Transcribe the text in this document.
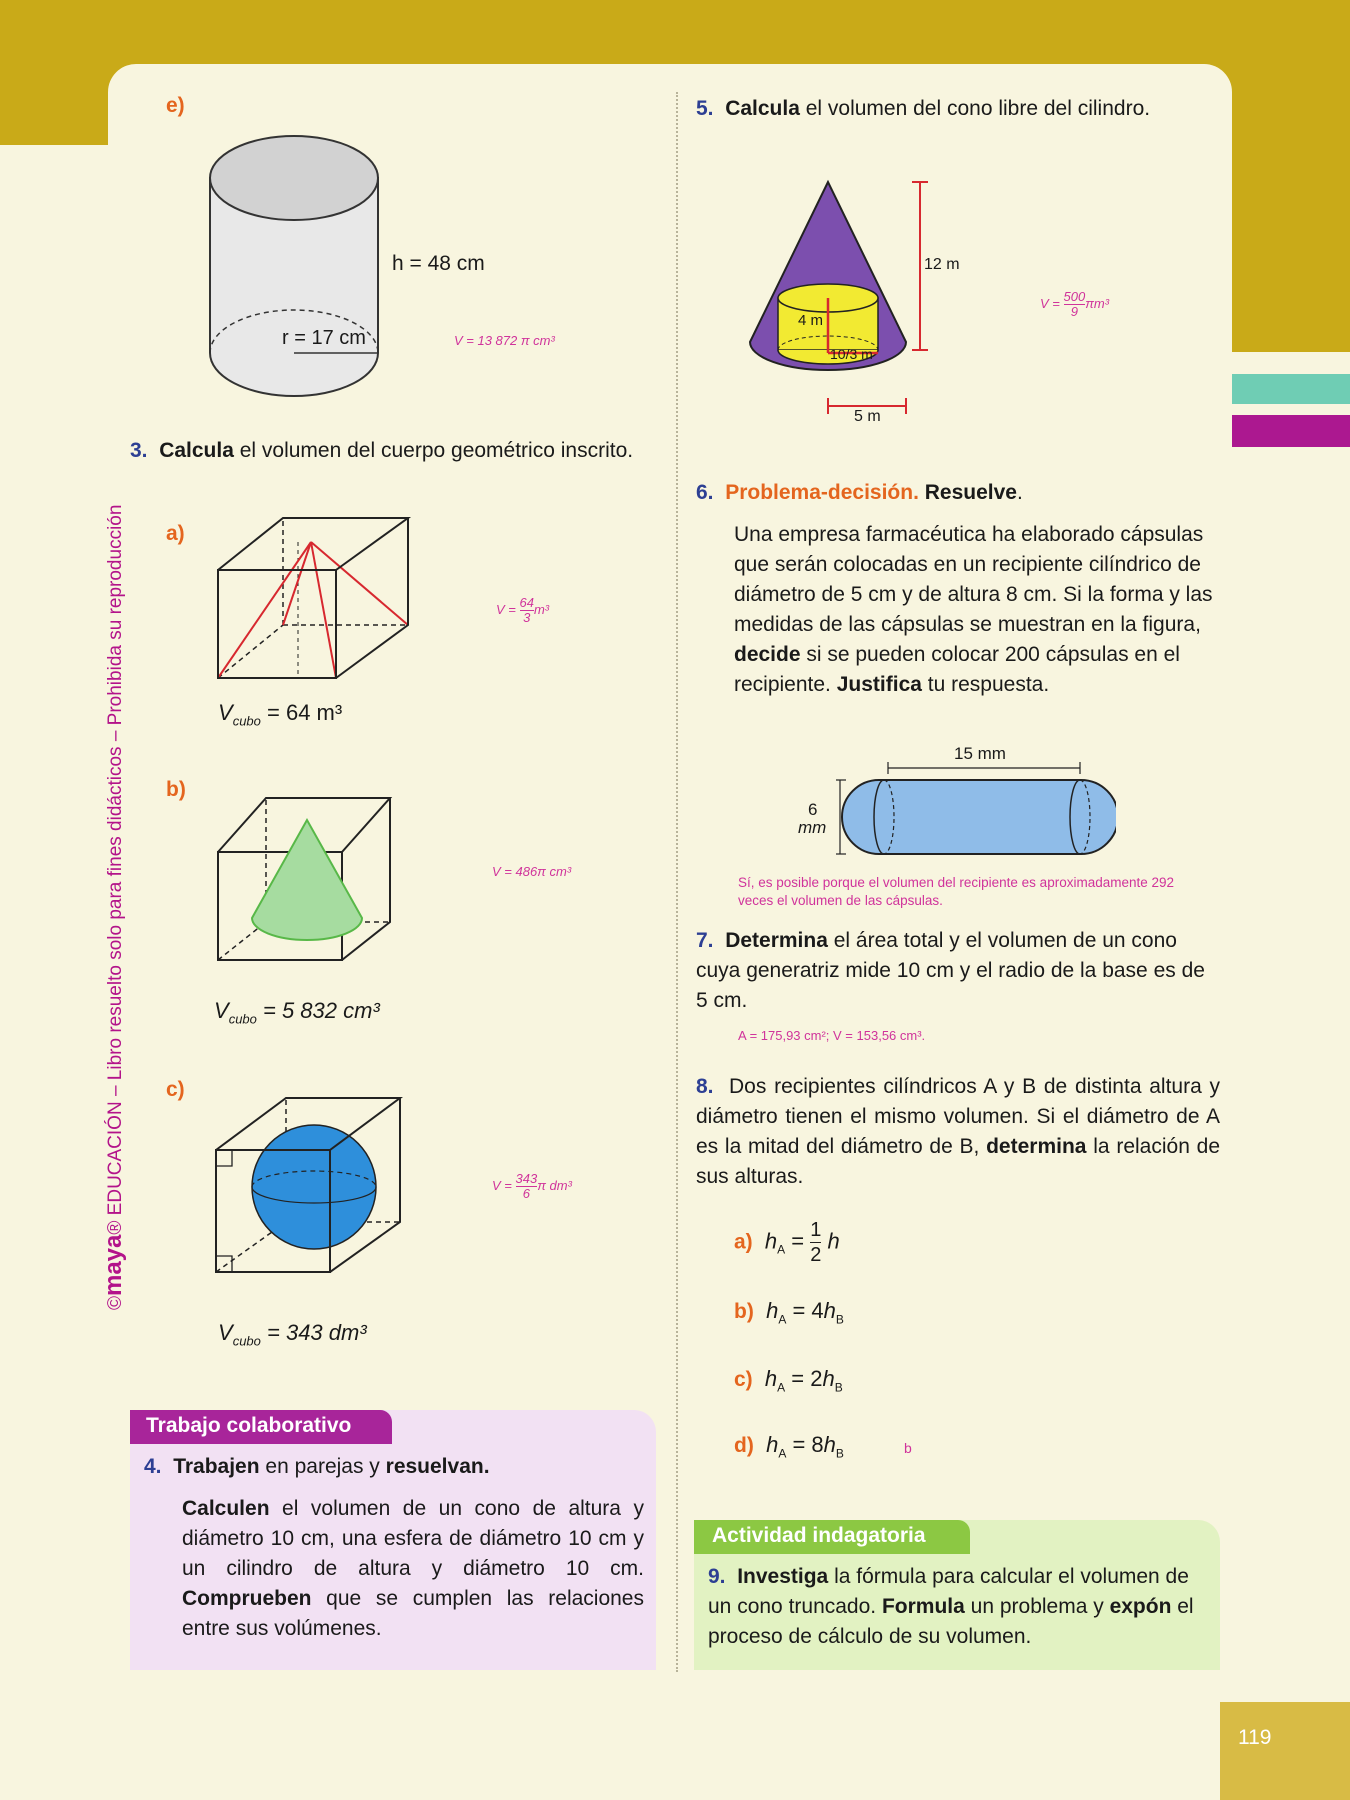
119
©maya® EDUCACIÓN – Libro resuelto solo para fines didácticos – Prohibida su reproducción
e)
h = 48 cm
r = 17 cm	V = 13 872 π cm³
3. Calcula el volumen del cuerpo geométrico inscrito.
a)
$V = \frac{64}{3} m^3$
$V_{cubo} = 64$ m³
b)
V = 486π cm³
$V_{cubo} = 5$ 832 cm³
c)
$V = \frac{343}{6}$ π dm³
$V_{cubo} = 343$ dm³
Trabajo colaborativo
4. Trabajen en parejas y resuelvan.
Calculen el volumen de un cono de altura y diámetro 10 cm, una esfera de diámetro 10 cm y un cilindro de altura y diámetro 10 cm. Comprueben que se cumplen las relaciones entre sus volúmenes.
5. Calcula el volumen del cono libre del cilindro.
12 m
4 m
10/3 m
5 m
$V = \frac{500}{9} \pi m^3$
6. Problema-decisión. Resuelve.
Una empresa farmacéutica ha elaborado cápsulas que serán colocadas en un recipiente cilíndrico de diámetro de 5 cm y de altura 8 cm. Si la forma y las medidas de las cápsulas se muestran en la figura, decide si se pueden colocar 200 cápsulas en el recipiente. Justifica tu respuesta.
15 mm
6
mm
Sí, es posible porque el volumen del recipiente es aproximadamente 292 veces el volumen de las cápsulas.
7. Determina el área total y el volumen de un cono cuya generatriz mide 10 cm y el radio de la base es de 5 cm.
A = 175,93 cm²; V = 153,56 cm³.
8. Dos recipientes cilíndricos A y B de distinta altura y diámetro tienen el mismo volumen. Si el diámetro de A es la mitad del diámetro de B, determina la relación de sus alturas.
a) $h_A = \frac{1}{2}$ h
b) $h_A = 4h_B$
c) $h_A = 2h_B$
d) $h_A = 8h_B$	b
Actividad indagatoria
9. Investiga la fórmula para calcular el volumen de un cono truncado. Formula un problema y expón el proceso de cálculo de su volumen.
